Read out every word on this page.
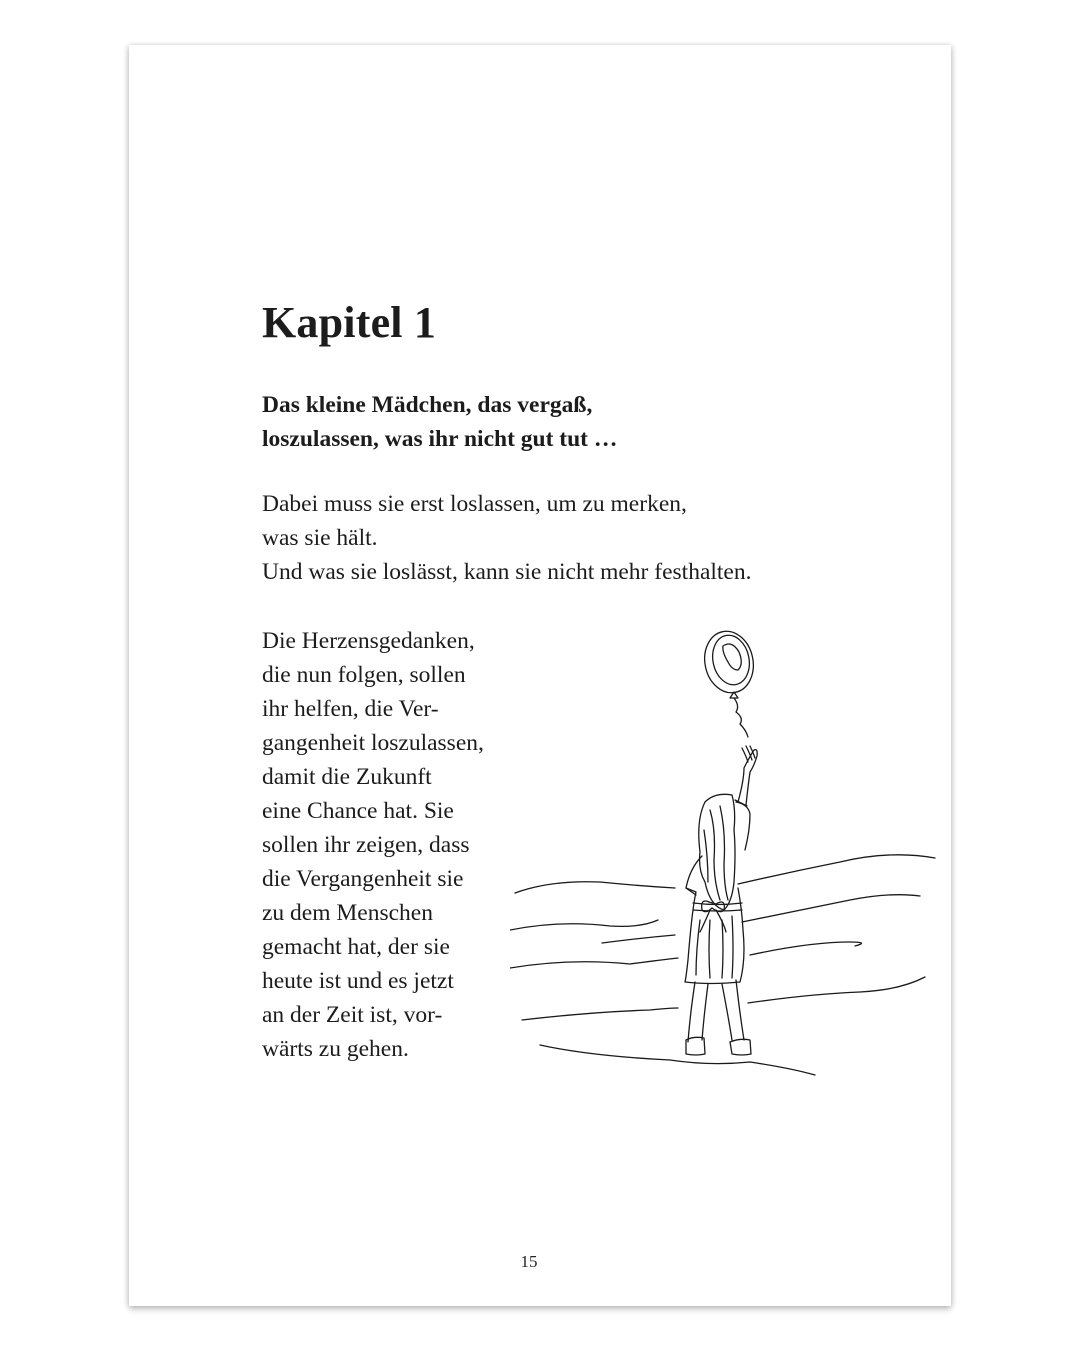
Kapitel 1

Das kleine Mädchen, das vergaß,
loszulassen, was ihr nicht gut tut …

Dabei muss sie erst loslassen, um zu merken,
was sie hält.
Und was sie loslässt, kann sie nicht mehr festhalten.

Die Herzensgedanken,
die nun folgen, sollen
ihr helfen, die Ver-
gangenheit loszulassen,
damit die Zukunft
eine Chance hat. Sie
sollen ihr zeigen, dass
die Vergangenheit sie
zu dem Menschen
gemacht hat, der sie
heute ist und es jetzt
an der Zeit ist, vor-
wärts zu gehen.

15
